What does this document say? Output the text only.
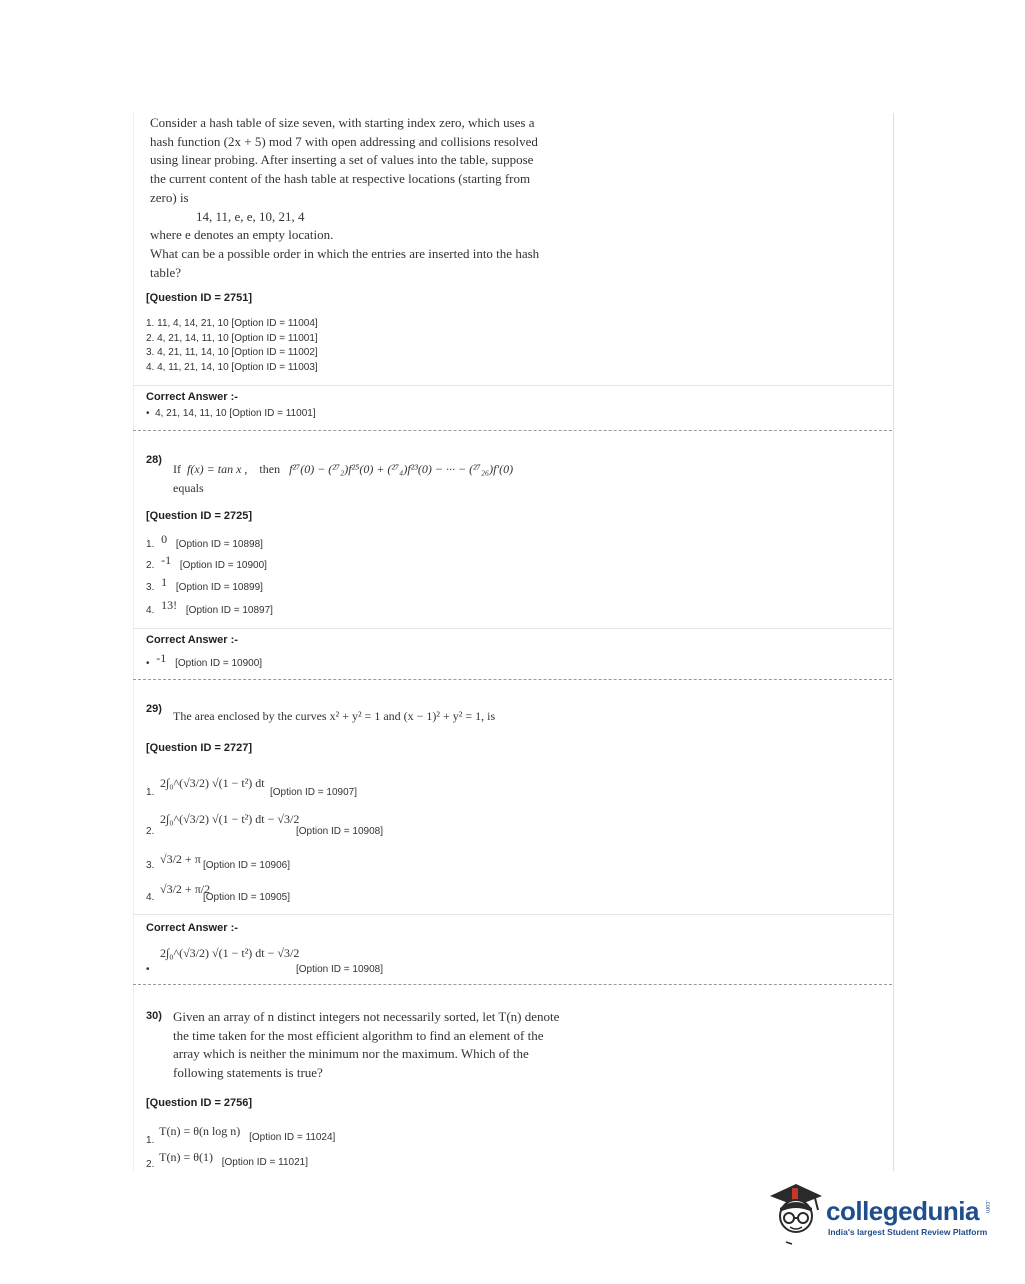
Consider a hash table of size seven, with starting index zero, which uses a
hash function (2x + 5) mod 7 with open addressing and collisions resolved
using linear probing. After inserting a set of values into the table, suppose
the current content of the hash table at respective locations (starting from
zero) is
14, 11, e, e, 10, 21, 4
where e denotes an empty location.
What can be a possible order in which the entries are inserted into the hash
table?
[Question ID = 2751]
1. 11, 4, 14, 21, 10 [Option ID = 11004]
2. 4, 21, 14, 11, 10 [Option ID = 11001]
3. 4, 21, 11, 14, 10 [Option ID = 11002]
4. 4, 11, 21, 14, 10 [Option ID = 11003]
Correct Answer :-
•  4, 21, 14, 11, 10 [Option ID = 11001]
28)
If f(x) = tan x , then f²⁷(0) − (²⁷₂)f²⁵(0) + (²⁷₄)f²³(0) − ··· − (²⁷₂₆)f′(0)
equals
[Question ID = 2725]
1. 0 [Option ID = 10898]
2. -1 [Option ID = 10900]
3. 1 [Option ID = 10899]
4. 13! [Option ID = 10897]
Correct Answer :-
• -1 [Option ID = 10900]
29) The area enclosed by the curves x² + y² = 1 and (x − 1)² + y² = 1, is
[Question ID = 2727]
1.
2∫₀^(√3/2) √(1 − t²) dt
[Option ID = 10907]
2.
2∫₀^(√3/2) √(1 − t²) dt − √3/2
[Option ID = 10908]
3. √3/2 + π [Option ID = 10906]
4.
√3/2 + π/2
[Option ID = 10905]
Correct Answer :-
•
2∫₀^(√3/2) √(1 − t²) dt − √3/2
[Option ID = 10908]
30) Given an array of n distinct integers not necessarily sorted, let T(n) denote
the time taken for the most efficient algorithm to find an element of the
array which is neither the minimum nor the maximum. Which of the
following statements is true?
[Question ID = 2756]
1. T(n) = θ(n log n) [Option ID = 11024]
2. T(n) = θ(1) [Option ID = 11021]
collegedunia .com
India's largest Student Review Platform
